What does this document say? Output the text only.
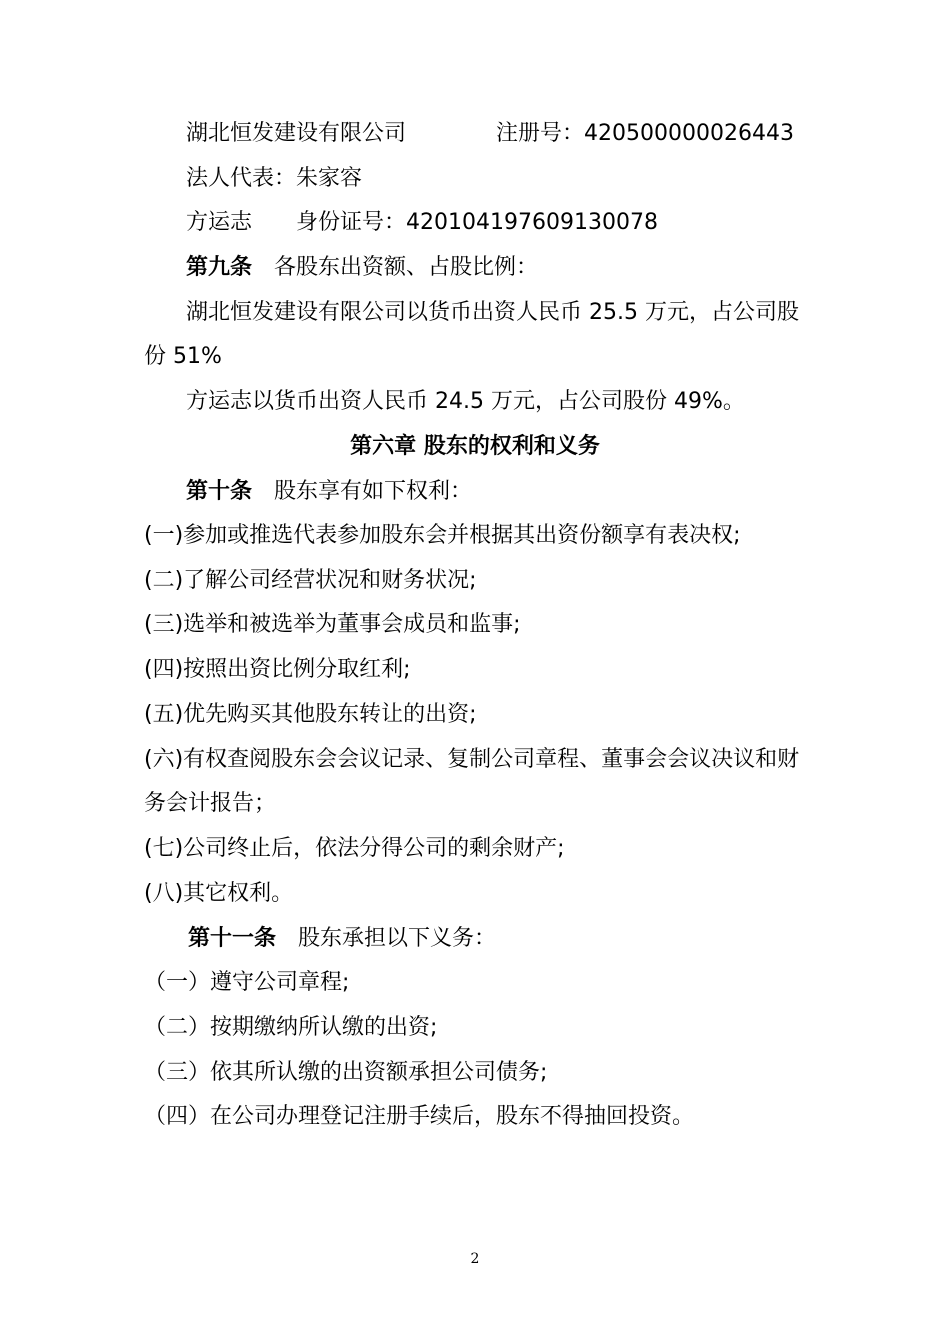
湖北恒发建设有限公司	注册号：420500000026443
法人代表：朱家容
方运志 身份证号：420104197609130078
第九条 各股东出资额、占股比例：
湖北恒发建设有限公司以货币出资人民币 25.5 万元，占公司股
份 51%
方运志以货币出资人民币 24.5 万元，占公司股份 49%。
第六章 股东的权利和义务
第十条 股东享有如下权利：
(一)参加或推选代表参加股东会并根据其出资份额享有表决权;
(二)了解公司经营状况和财务状况;
(三)选举和被选举为董事会成员和监事;
(四)按照出资比例分取红利;
(五)优先购买其他股东转让的出资;
(六)有权查阅股东会会议记录、复制公司章程、董事会会议决议和财
务会计报告；
(七)公司终止后，依法分得公司的剩余财产;
(八)其它权利。
第十一条 股东承担以下义务：
（一）遵守公司章程;
（二）按期缴纳所认缴的出资;
（三）依其所认缴的出资额承担公司债务;
（四）在公司办理登记注册手续后，股东不得抽回投资。
2
